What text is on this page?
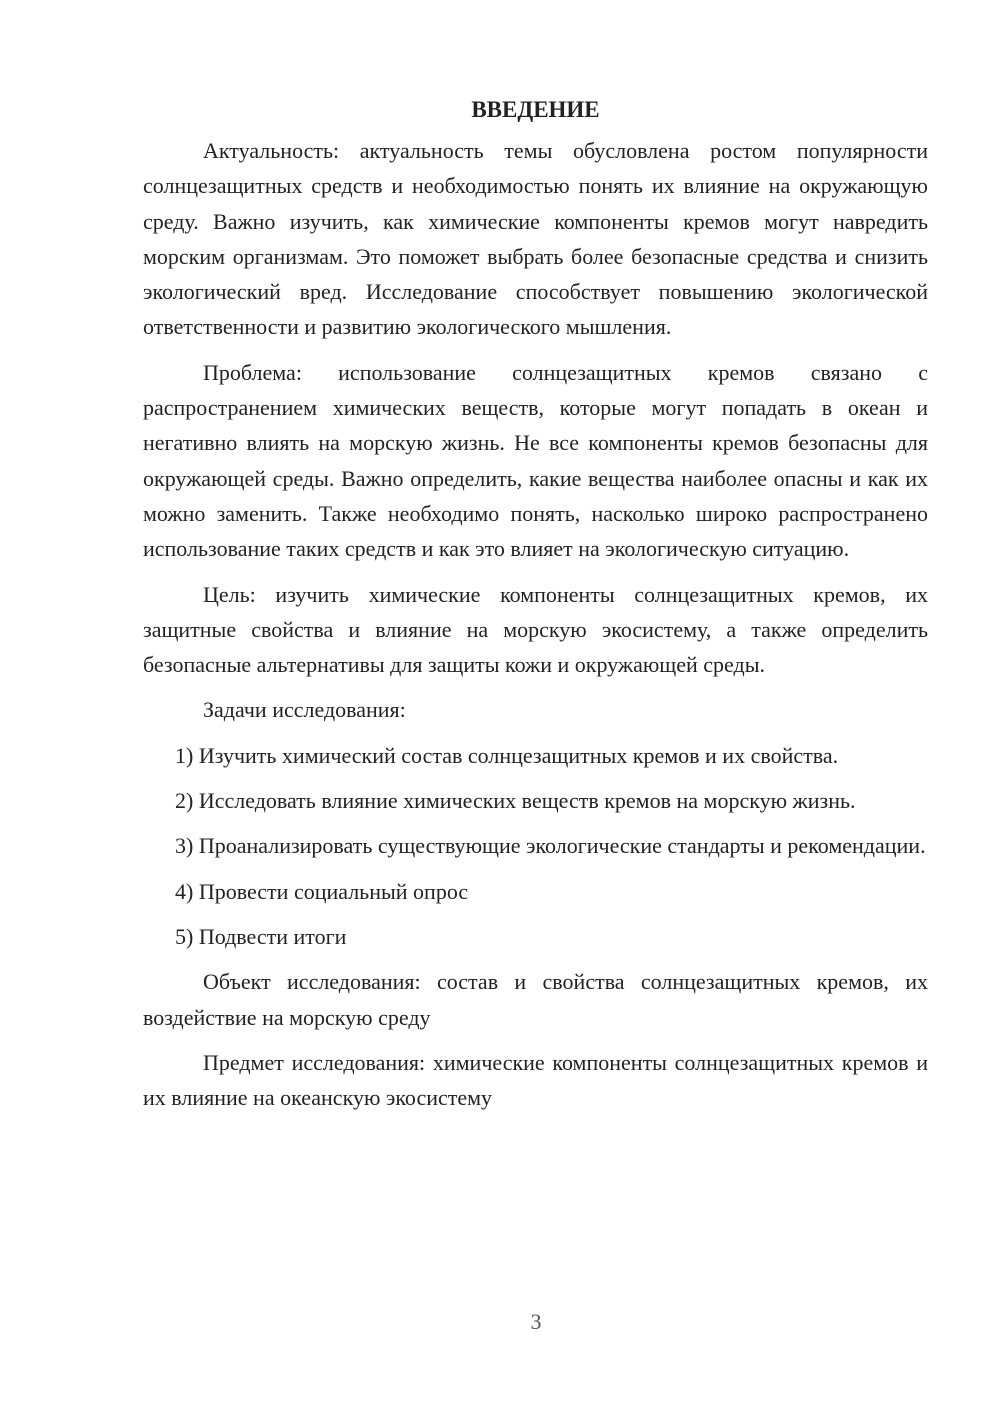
ВВЕДЕНИЕ

Актуальность: актуальность темы обусловлена ростом популярности солнцезащитных средств и необходимостью понять их влияние на окружающую среду. Важно изучить, как химические компоненты кремов могут навредить морским организмам. Это поможет выбрать более безопасные средства и снизить экологический вред. Исследование способствует повышению экологической ответственности и развитию экологического мышления.

Проблема: использование солнцезащитных кремов связано с распространением химических веществ, которые могут попадать в океан и негативно влиять на морскую жизнь. Не все компоненты кремов безопасны для окружающей среды. Важно определить, какие вещества наиболее опасны и как их можно заменить. Также необходимо понять, насколько широко распространено использование таких средств и как это влияет на экологическую ситуацию.

Цель: изучить химические компоненты солнцезащитных кремов, их защитные свойства и влияние на морскую экосистему, а также определить безопасные альтернативы для защиты кожи и окружающей среды.

Задачи исследования:

1) Изучить химический состав солнцезащитных кремов и их свойства.

2) Исследовать влияние химических веществ кремов на морскую жизнь.

3) Проанализировать существующие экологические стандарты и рекомендации.

4) Провести социальный опрос

5) Подвести итоги

Объект исследования: состав и свойства солнцезащитных кремов, их воздействие на морскую среду

Предмет исследования: химические компоненты солнцезащитных кремов и их влияние на океанскую экосистему

3
